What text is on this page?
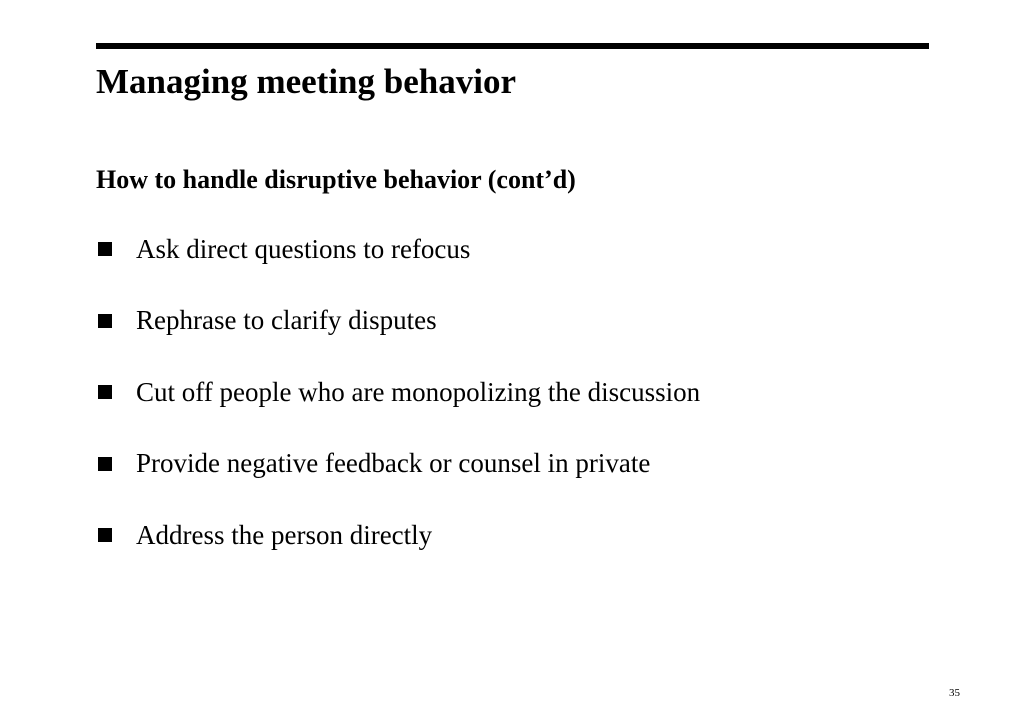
Managing meeting behavior
How to handle disruptive behavior (cont’d)
Ask direct questions to refocus
Rephrase to clarify disputes
Cut off people who are monopolizing the discussion
Provide negative feedback or counsel in private
Address the person directly
35
